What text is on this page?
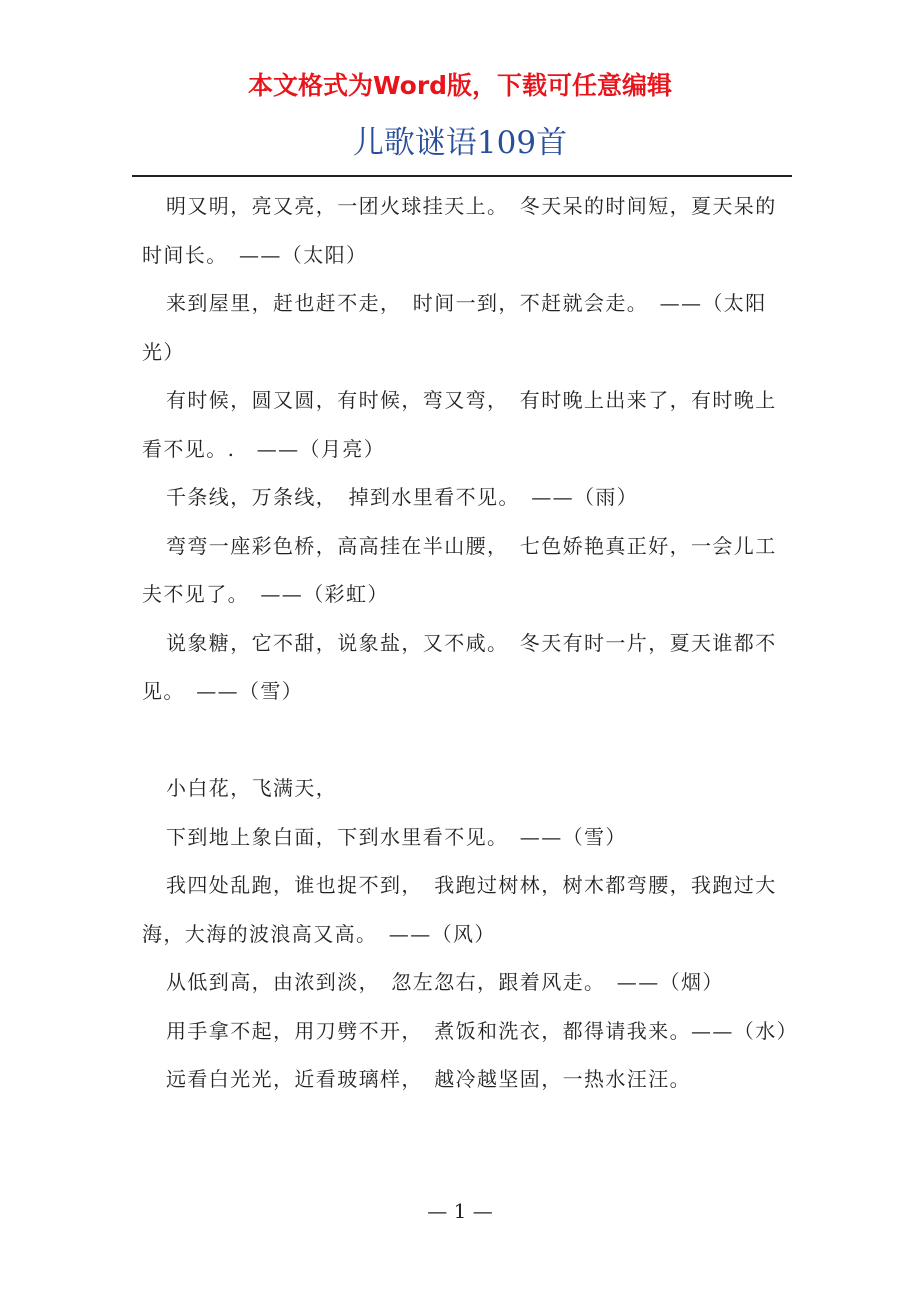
本文格式为Word版，下载可任意编辑
儿歌谜语109首

明又明，亮又亮，一团火球挂天上。　冬天呆的时间短，夏天呆的时间长。　——（太阳）

来到屋里，赶也赶不走，　时间一到，不赶就会走。　——（太阳光）

有时候，圆又圆，有时候，弯又弯，　有时晚上出来了，有时晚上看不见。.　——（月亮）

千条线，万条线，　掉到水里看不见。　——（雨）

弯弯一座彩色桥，高高挂在半山腰，　七色娇艳真正好，一会儿工夫不见了。　——（彩虹）

说象糖，它不甜，说象盐，又不咸。　冬天有时一片，夏天谁都不见。　——（雪）

小白花，飞满天，

下到地上象白面，下到水里看不见。　——（雪）

我四处乱跑，谁也捉不到，　我跑过树林，树木都弯腰，我跑过大海，大海的波浪高又高。　——（风）

从低到高，由浓到淡，　忽左忽右，跟着风走。　——（烟）

用手拿不起，用刀劈不开，　煮饭和洗衣，都得请我来。——（水）

远看白光光，近看玻璃样，　越冷越坚固，一热水汪汪。

— 1 —
